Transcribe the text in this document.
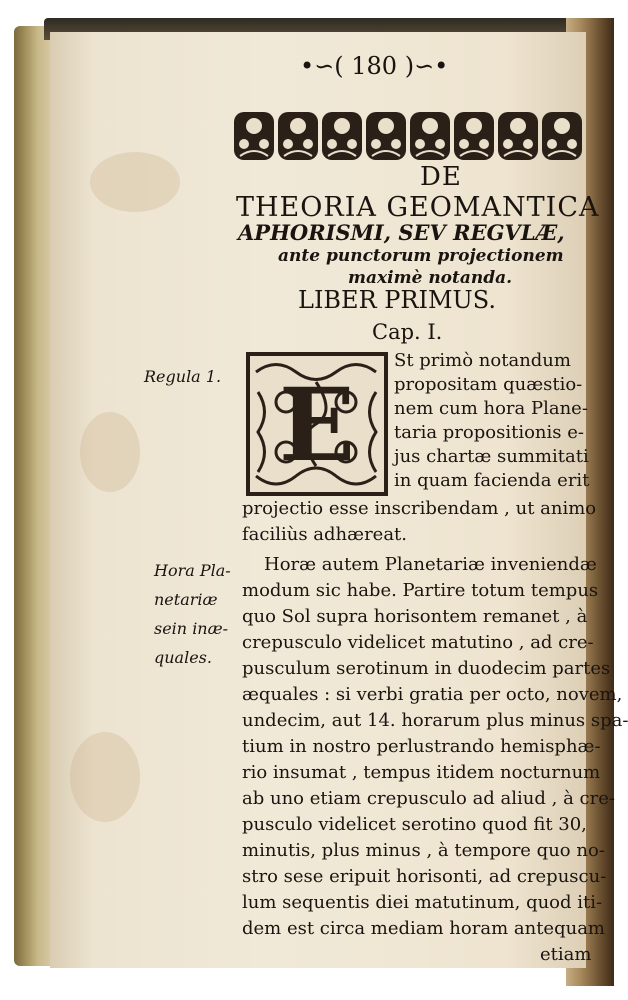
•∽( 180 )∽•
DE
THEORIA GEOMANTICA
APHORISMI, SEV REGVLÆ,
ante punctorum projectionem
maximè notanda.
LIBER PRIMUS.
Cap. I.
Regula 1.
Hora Pla-
netariæ
sein inæ-
quales.
E
St primò notandum
propositam quæstio-
nem cum hora Plane-
taria propositionis e-
jus chartæ summitati
in quam facienda erit
projectio esse inscribendam , ut animo
faciliùs adhæreat.
Horæ autem Planetariæ inveniendæ
modum sic habe. Partire totum tempus
quo Sol supra horisontem remanet , à
crepusculo videlicet matutino , ad cre-
pusculum serotinum in duodecim partes
æquales : si verbi gratia per octo, novem,
undecim, aut 14. horarum plus minus spa-
tium in nostro perlustrando hemisphæ-
rio insumat , tempus itidem nocturnum
ab uno etiam crepusculo ad aliud , à cre-
pusculo videlicet serotino quod fit 30,
minutis, plus minus , à tempore quo no-
stro sese eripuit horisonti, ad crepuscu-
lum sequentis diei matutinum, quod iti-
dem est circa mediam horam antequam
etiam
